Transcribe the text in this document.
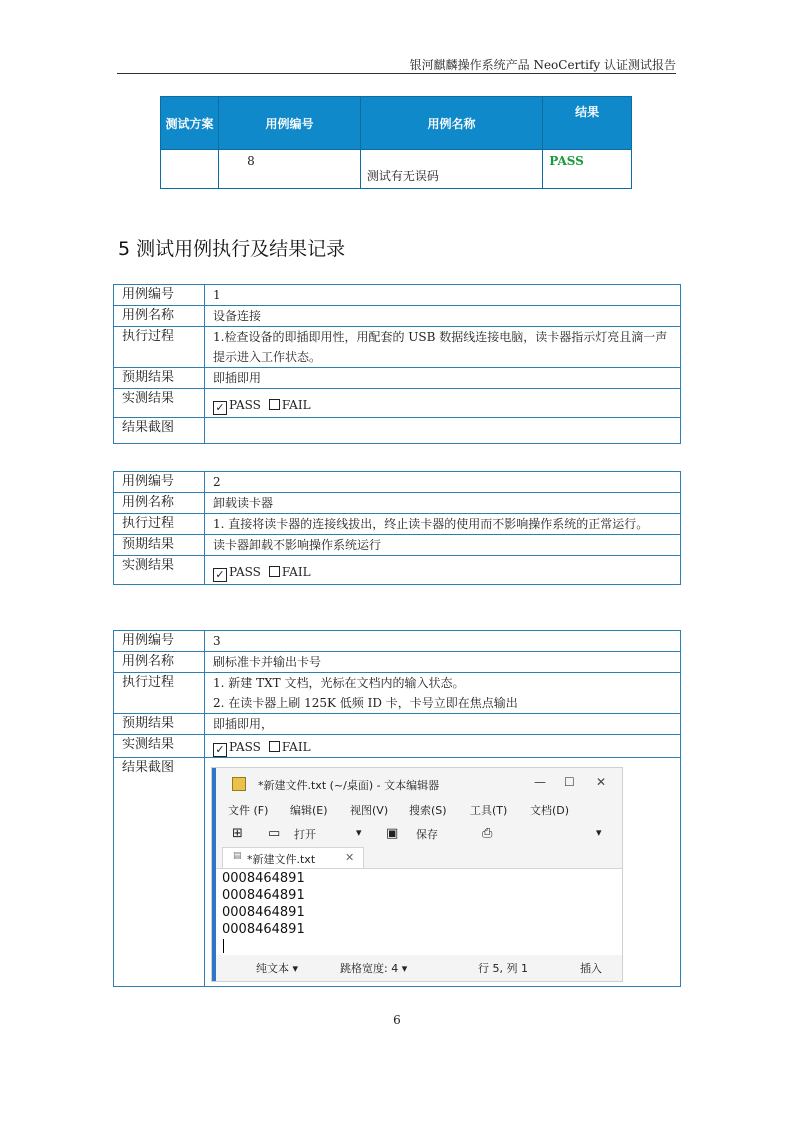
银河麒麟操作系统产品 NeoCertify 认证测试报告
测试方案	用例编号	用例名称	结果
	8	测试有无误码	PASS
5 测试用例执行及结果记录
用例编号	1
用例名称	设备连接
执行过程	1.检查设备的即插即用性，用配套的 USB 数据线连接电脑，读卡器指示灯亮且滴一声提示进入工作状态。
预期结果	即插即用
实测结果	✓ PASS FAIL
结果截图	
用例编号	2
用例名称	卸载读卡器
执行过程	1. 直接将读卡器的连接线拔出，终止读卡器的使用而不影响操作系统的正常运行。
预期结果	读卡器卸载不影响操作系统运行
实测结果	✓ PASS FAIL
用例编号	3
用例名称	刷标准卡并输出卡号
执行过程	1. 新建 TXT 文档，光标在文档内的输入状态。
2. 在读卡器上刷 125K 低频 ID 卡，卡号立即在焦点输出

预期结果	即插即用，
实测结果	✓ PASS FAIL
结果截图	
*新建文件.txt (~/桌面) - 文本编辑器	— ☐ ✕
文件 (F) 编辑(E) 视图(V) 搜索(S) 工具(T) 文档(D)
⊞ ▭ 打开	▾ ▣ 保存	⎙	▾
▤ *新建文件.txt	✕
0008464891
0008464891
0008464891
0008464891
纯文本 ▾	跳格宽度: 4 ▾	行 5, 列 1	插入
6
